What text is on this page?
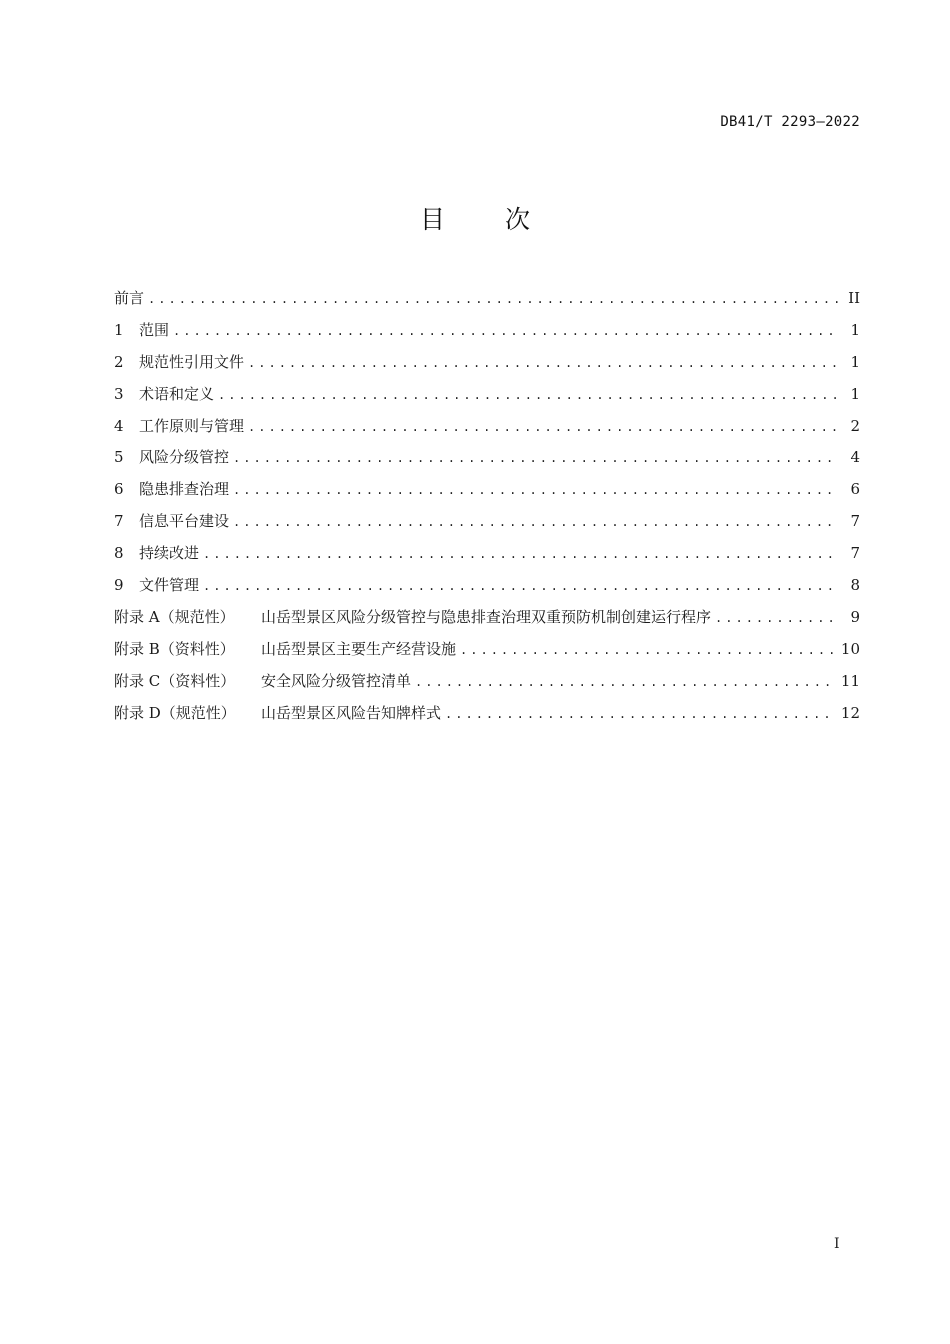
DB41/T 2293—2022
目次
前言 .....	II
1	范围 .....	1
2	规范性引用文件 .....	1
3	术语和定义 .....	1
4	工作原则与管理 .....	2
5	风险分级管控 .....	4
6	隐患排查治理 .....	6
7	信息平台建设 .....	7
8	持续改进 .....	7
9	文件管理 .....	8
附录 A（规范性）	山岳型景区风险分级管控与隐患排查治理双重预防机制创建运行程序 .....	9
附录 B（资料性）	山岳型景区主要生产经营设施 .....	10
附录 C（资料性）	安全风险分级管控清单 .....	11
附录 D（规范性）	山岳型景区风险告知牌样式 .....	12
I
